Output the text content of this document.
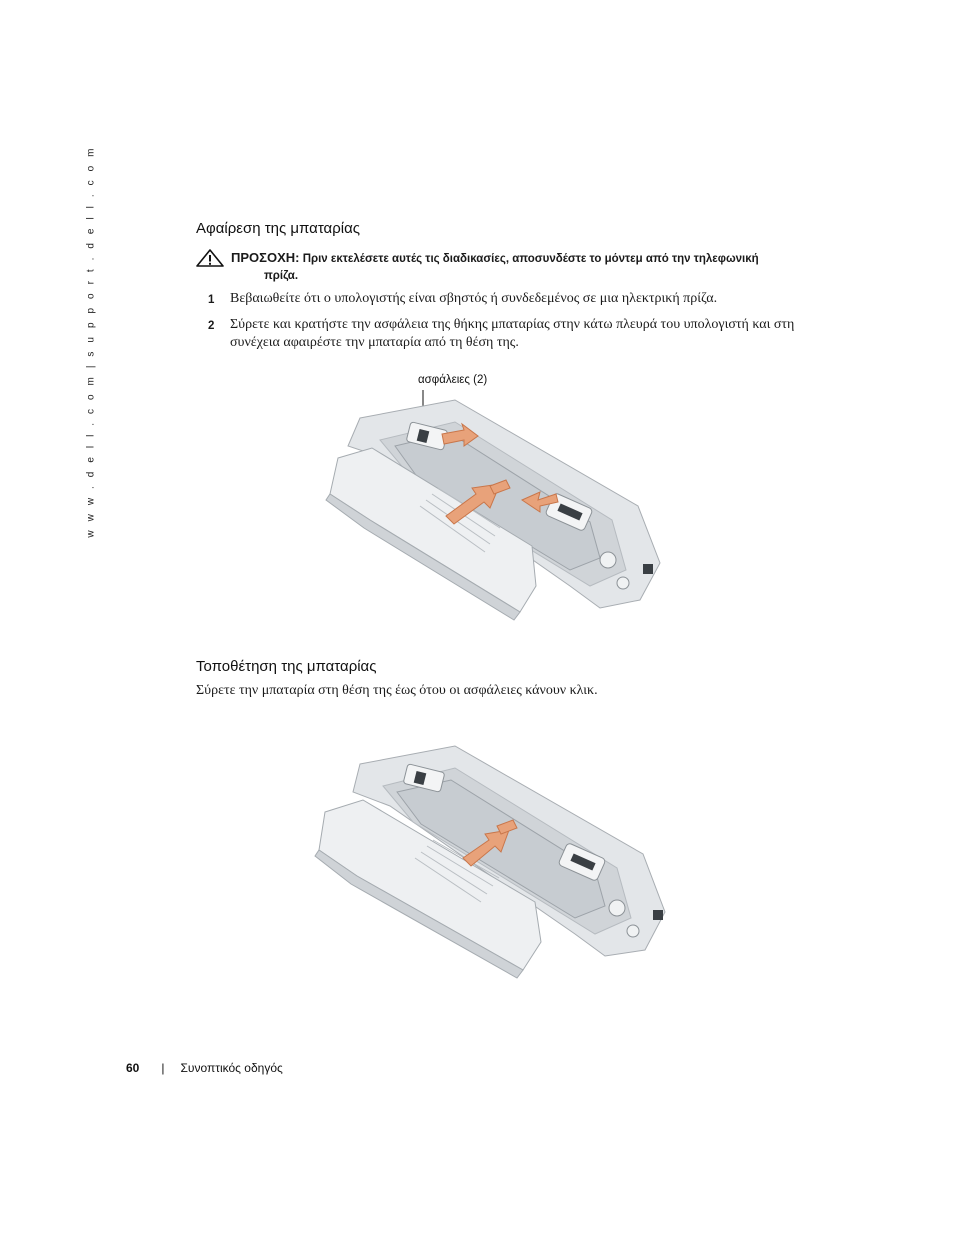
w w w . d e l l . c o m | s u p p o r t . d e l l . c o m	Αφαίρεση της μπαταρίας
ΠΡΟΣΟΧΗ: Πριν εκτελέσετε αυτές τις διαδικασίες, αποσυνδέστε το μόντεμ από την τηλεφωνική
πρίζα.
1 Βεβαιωθείτε ότι ο υπολογιστής είναι σβηστός ή συνδεδεμένος σε μια ηλεκτρική πρίζα.
2 Σύρετε και κρατήστε την ασφάλεια της θήκης μπαταρίας στην κάτω πλευρά του υπολογιστή και στη συνέχεια αφαιρέστε την μπαταρία από τη θέση της.
ασφάλειες (2)
Τοποθέτηση της μπαταρίας

Σύρετε την μπαταρία στη θέση της έως ότου οι ασφάλειες κάνουν κλικ.

60 | Συνοπτικός οδηγός
